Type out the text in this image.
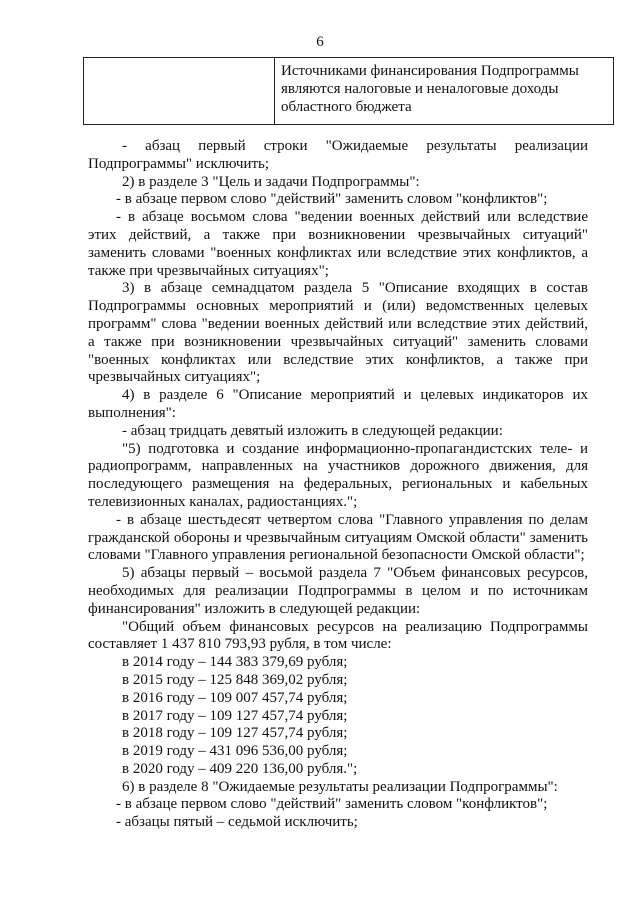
6
	Источниками финансирования Подпрограммы являются налоговые и неналоговые доходы областного бюджета

- абзац первый строки "Ожидаемые результаты реализации Подпрограммы" исключить;

2) в разделе 3 "Цель и задачи Подпрограммы":

- в абзаце первом слово "действий" заменить словом "конфликтов";

- в абзаце восьмом слова "ведении военных действий или вследствие этих действий, а также при возникновении чрезвычайных ситуаций" заменить словами "военных конфликтах или вследствие этих конфликтов, а также при чрезвычайных ситуациях";

3) в абзаце семнадцатом раздела 5 "Описание входящих в состав Подпрограммы основных мероприятий и (или) ведомственных целевых программ" слова "ведении военных действий или вследствие этих действий, а также при возникновении чрезвычайных ситуаций" заменить словами "военных конфликтах или вследствие этих конфликтов, а также при чрезвычайных ситуациях";

4) в разделе 6 "Описание мероприятий и целевых индикаторов их выполнения":

- абзац тридцать девятый изложить в следующей редакции:

"5) подготовка и создание информационно-пропагандистских теле- и радиопрограмм, направленных на участников дорожного движения, для последующего размещения на федеральных, региональных и кабельных телевизионных каналах, радиостанциях.";

- в абзаце шестьдесят четвертом слова "Главного управления по делам гражданской обороны и чрезвычайным ситуациям Омской области" заменить словами "Главного управления региональной безопасности Омской области";

5) абзацы первый – восьмой раздела 7 "Объем финансовых ресурсов, необходимых для реализации Подпрограммы в целом и по источникам финансирования" изложить в следующей редакции:

"Общий объем финансовых ресурсов на реализацию Подпрограммы составляет 1 437 810 793,93 рубля, в том числе:

в 2014 году – 144 383 379,69 рубля;
в 2015 году – 125 848 369,02 рубля;
в 2016 году – 109 007 457,74 рубля;
в 2017 году – 109 127 457,74 рубля;
в 2018 году – 109 127 457,74 рубля;
в 2019 году – 431 096 536,00 рубля;
в 2020 году – 409 220 136,00 рубля.";

6) в разделе 8 "Ожидаемые результаты реализации Подпрограммы":

- в абзаце первом слово "действий" заменить словом "конфликтов";

- абзацы пятый – седьмой исключить;
